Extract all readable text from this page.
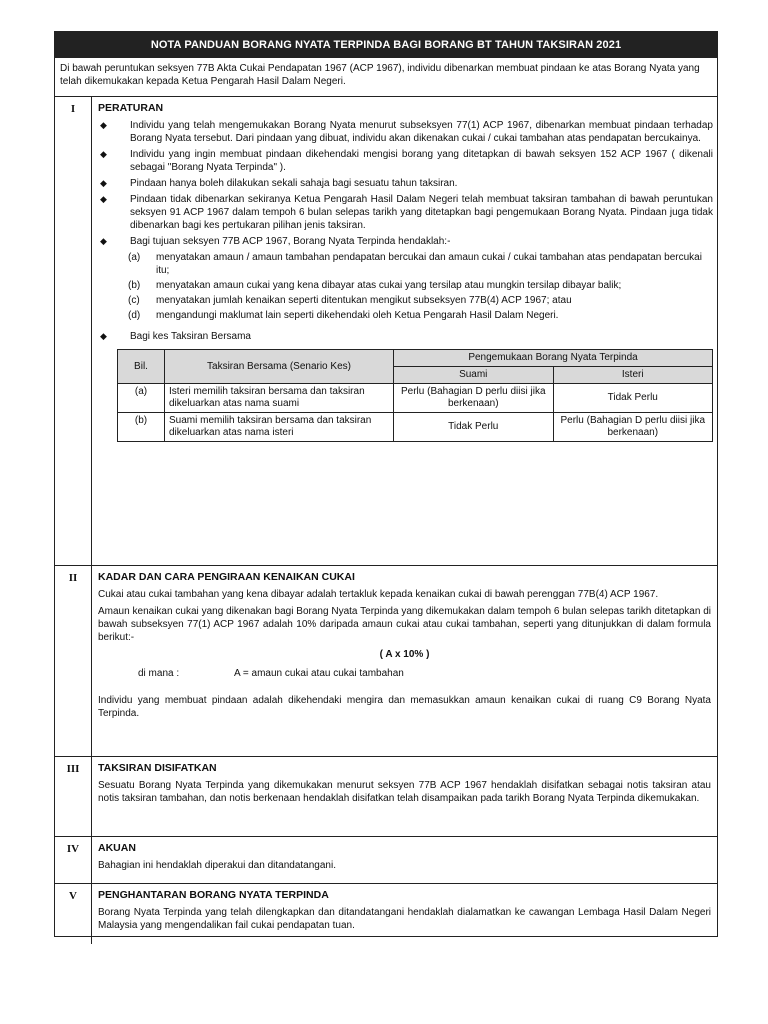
NOTA PANDUAN BORANG NYATA TERPINDA BAGI BORANG BT TAHUN TAKSIRAN 2021
Di bawah peruntukan seksyen 77B Akta Cukai Pendapatan 1967 (ACP 1967), individu dibenarkan membuat pindaan ke atas Borang Nyata yang telah dikemukakan kepada Ketua Pengarah Hasil Dalam Negeri.
I	PERATURAN
◆	Individu yang telah mengemukakan Borang Nyata menurut subseksyen 77(1) ACP 1967, dibenarkan membuat pindaan terhadap Borang Nyata tersebut. Dari pindaan yang dibuat, individu akan dikenakan cukai / cukai tambahan atas pendapatan bercukainya.
◆	Individu yang ingin membuat pindaan dikehendaki mengisi borang yang ditetapkan di bawah seksyen 152 ACP 1967 ( dikenali sebagai "Borang Nyata Terpinda" ).
◆	Pindaan hanya boleh dilakukan sekali sahaja bagi sesuatu tahun taksiran.
◆	Pindaan tidak dibenarkan sekiranya Ketua Pengarah Hasil Dalam Negeri telah membuat taksiran tambahan di bawah peruntukan seksyen 91 ACP 1967 dalam tempoh 6 bulan selepas tarikh yang ditetapkan bagi pengemukaan Borang Nyata. Pindaan juga tidak dibenarkan bagi kes pertukaran pilihan jenis taksiran.
◆	Bagi tujuan seksyen 77B ACP 1967, Borang Nyata Terpinda hendaklah:-
(a)	menyatakan amaun / amaun tambahan pendapatan bercukai dan amaun cukai / cukai tambahan atas pendapatan bercukai itu;
(b)	menyatakan amaun cukai yang kena dibayar atas cukai yang tersilap atau mungkin tersilap dibayar balik;
(c)	menyatakan jumlah kenaikan seperti ditentukan mengikut subseksyen 77B(4) ACP 1967; atau
(d)	mengandungi maklumat lain seperti dikehendaki oleh Ketua Pengarah Hasil Dalam Negeri.
◆	Bagi kes Taksiran Bersama
Bil.	Taksiran Bersama (Senario Kes)	Pengemukaan Borang Nyata Terpinda	
		Suami	Isteri
(a)	Isteri memilih taksiran bersama dan taksiran dikeluarkan atas nama suami	Perlu (Bahagian D perlu diisi jika berkenaan)	Tidak Perlu
(b)	Suami memilih taksiran bersama dan taksiran dikeluarkan atas nama isteri	Tidak Perlu	Perlu (Bahagian D perlu diisi jika berkenaan)
II	KADAR DAN CARA PENGIRAAN KENAIKAN CUKAI

Cukai atau cukai tambahan yang kena dibayar adalah tertakluk kepada kenaikan cukai di bawah perenggan 77B(4) ACP 1967.

Amaun kenaikan cukai yang dikenakan bagi Borang Nyata Terpinda yang dikemukakan dalam tempoh 6 bulan selepas tarikh ditetapkan di bawah subseksyen 77(1) ACP 1967 adalah 10% daripada amaun cukai atau cukai tambahan, seperti yang ditunjukkan di dalam formula berikut:-

( A x 10% )
di mana :	A = amaun cukai atau cukai tambahan

Individu yang membuat pindaan adalah dikehendaki mengira dan memasukkan amaun kenaikan cukai di ruang C9 Borang Nyata Terpinda.

III	TAKSIRAN DISIFATKAN

Sesuatu Borang Nyata Terpinda yang dikemukakan menurut seksyen 77B ACP 1967 hendaklah disifatkan sebagai notis taksiran atau notis taksiran tambahan, dan notis berkenaan hendaklah disifatkan telah disampaikan pada tarikh Borang Nyata Terpinda dikemukakan.

IV	AKUAN

Bahagian ini hendaklah diperakui dan ditandatangani.

V	PENGHANTARAN BORANG NYATA TERPINDA

Borang Nyata Terpinda yang telah dilengkapkan dan ditandatangani hendaklah dialamatkan ke cawangan Lembaga Hasil Dalam Negeri Malaysia yang mengendalikan fail cukai pendapatan tuan.
